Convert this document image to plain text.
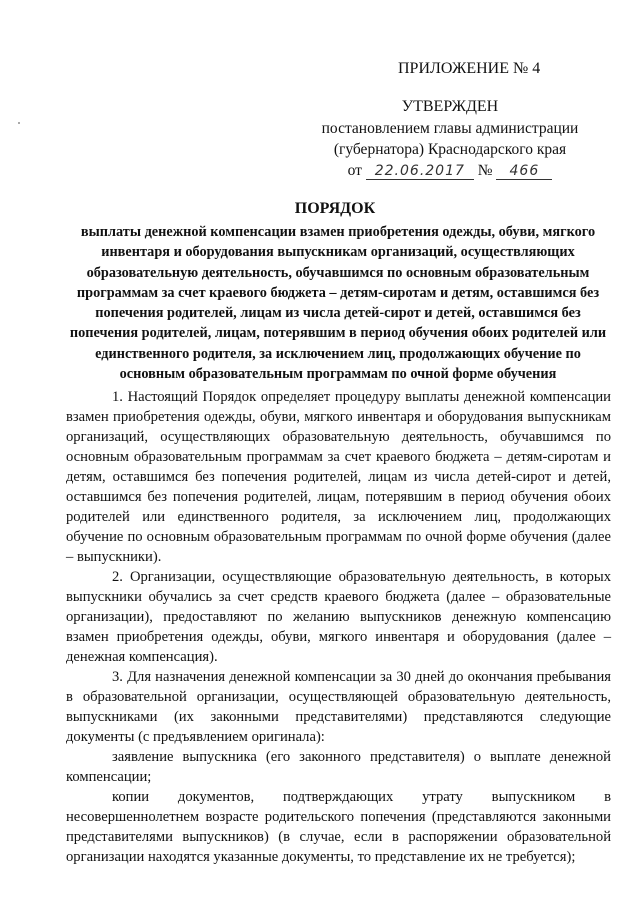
ПРИЛОЖЕНИЕ № 4
УТВЕРЖДЕН
постановлением главы администрации
(губернатора) Краснодарского края
от 22.06.2017 № 466
ПОРЯДОК
выплаты денежной компенсации взамен приобретения одежды, обуви, мягкого инвентаря и оборудования выпускникам организаций, осуществляющих образовательную деятельность, обучавшимся по основным образовательным программам за счет краевого бюджета – детям-сиротам и детям, оставшимся без попечения родителей, лицам из числа детей-сирот и детей, оставшимся без попечения родителей, лицам, потерявшим в период обучения обоих родителей или единственного родителя, за исключением лиц, продолжающих обучение по основным образовательным программам по очной форме обучения

1. Настоящий Порядок определяет процедуру выплаты денежной компенсации взамен приобретения одежды, обуви, мягкого инвентаря и оборудования выпускникам организаций, осуществляющих образовательную деятельность, обучавшимся по основным образовательным программам за счет краевого бюджета – детям-сиротам и детям, оставшимся без попечения родителей, лицам из числа детей-сирот и детей, оставшимся без попечения родителей, лицам, потерявшим в период обучения обоих родителей или единственного родителя, за исключением лиц, продолжающих обучение по основным образовательным программам по очной форме обучения (далее – выпускники).

2. Организации, осуществляющие образовательную деятельность, в которых выпускники обучались за счет средств краевого бюджета (далее – образовательные организации), предоставляют по желанию выпускников денежную компенсацию взамен приобретения одежды, обуви, мягкого инвентаря и оборудования (далее – денежная компенсация).

3. Для назначения денежной компенсации за 30 дней до окончания пребывания в образовательной организации, осуществляющей образовательную деятельность, выпускниками (их законными представителями) представляются следующие документы (с предъявлением оригинала):

заявление выпускника (его законного представителя) о выплате денежной компенсации;

копии документов, подтверждающих утрату выпускником в несовершеннолетнем возрасте родительского попечения (представляются законными представителями выпускников) (в случае, если в распоряжении образовательной организации находятся указанные документы, то представление их не требуется);
